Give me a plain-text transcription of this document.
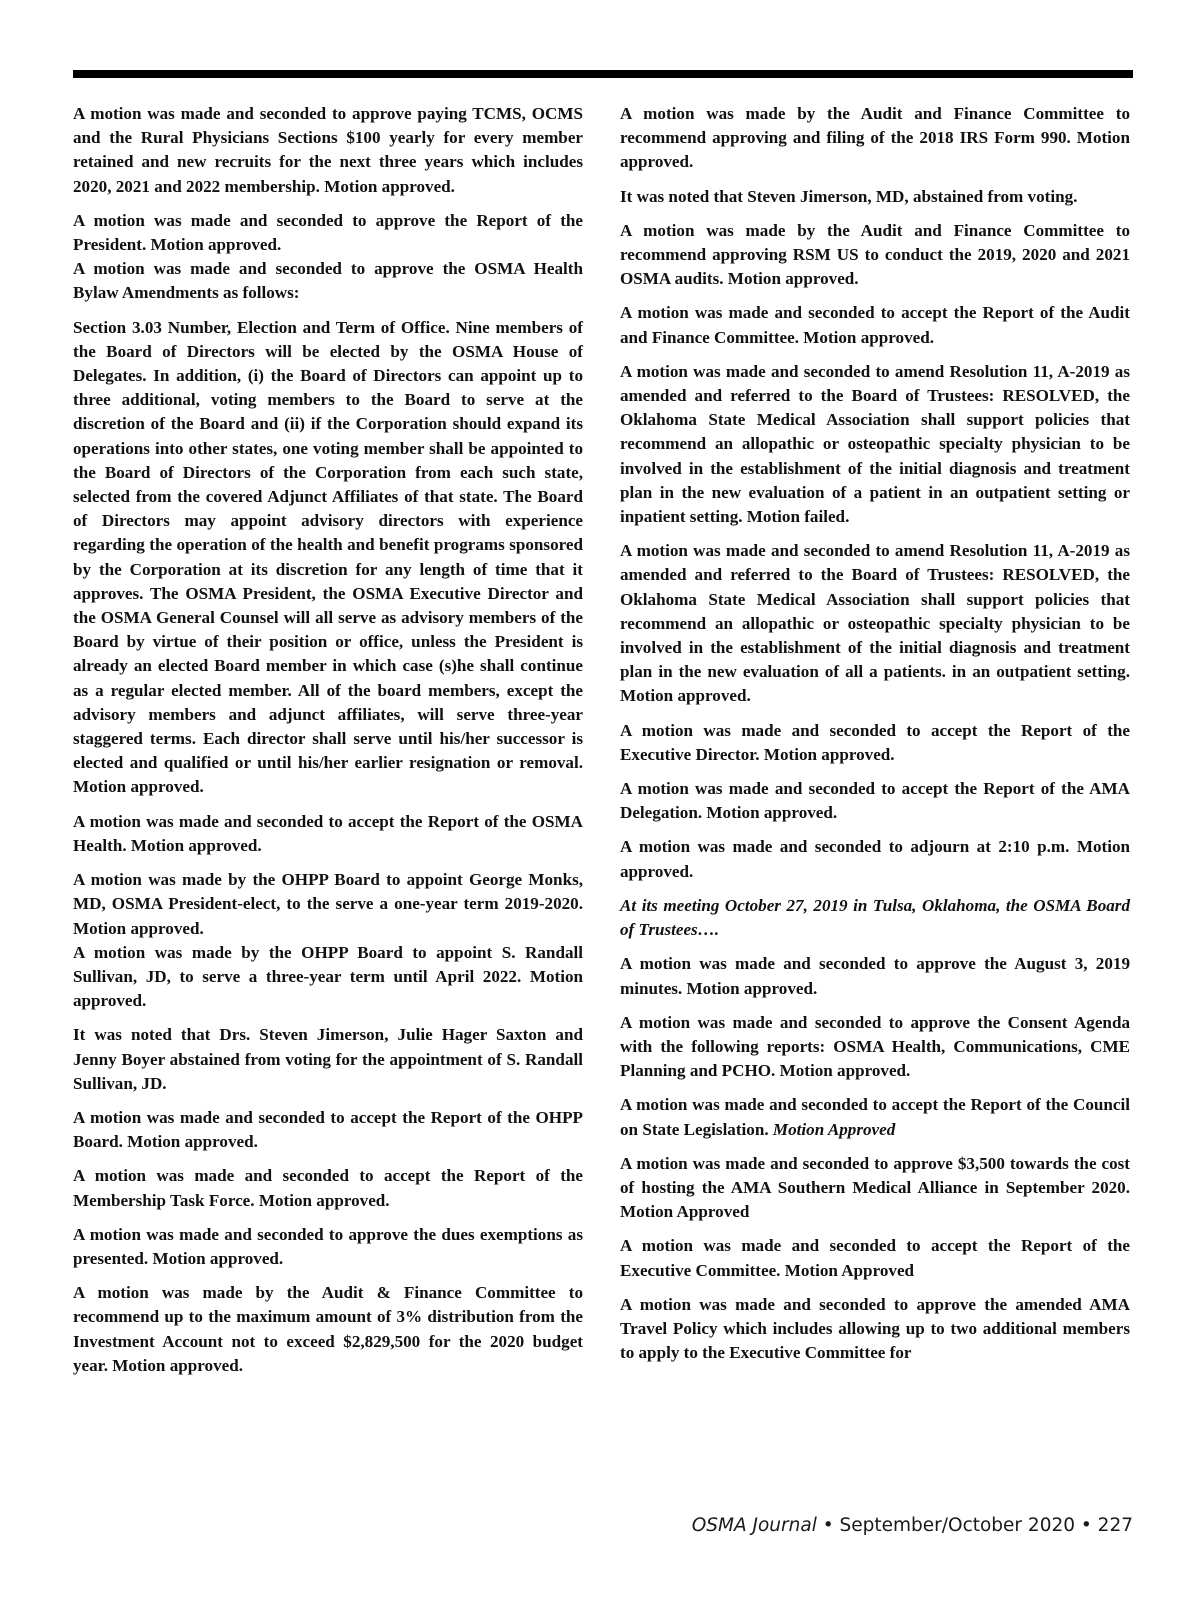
A motion was made and seconded to approve paying TCMS, OCMS and the Rural Physicians Sections $100 yearly for every member retained and new recruits for the next three years which includes 2020, 2021 and 2022 membership. Motion approved.

A motion was made and seconded to approve the Report of the President. Motion approved.

A motion was made and seconded to approve the OSMA Health Bylaw Amendments as follows:

Section 3.03 Number, Election and Term of Office. Nine members of the Board of Directors will be elected by the OSMA House of Delegates. In addition, (i) the Board of Directors can appoint up to three additional, voting members to the Board to serve at the discretion of the Board and (ii) if the Corporation should expand its operations into other states, one voting member shall be appointed to the Board of Directors of the Corporation from each such state, selected from the covered Adjunct Affiliates of that state. The Board of Directors may appoint advisory directors with experience regarding the operation of the health and benefit programs sponsored by the Corporation at its discretion for any length of time that it approves. The OSMA President, the OSMA Executive Director and the OSMA General Counsel will all serve as advisory members of the Board by virtue of their position or office, unless the President is already an elected Board member in which case (s)he shall continue as a regular elected member. All of the board members, except the advisory members and adjunct affiliates, will serve three-year staggered terms. Each director shall serve until his/her successor is elected and qualified or until his/her earlier resignation or removal. Motion approved.

A motion was made and seconded to accept the Report of the OSMA Health. Motion approved.

A motion was made by the OHPP Board to appoint George Monks, MD, OSMA President-elect, to the serve a one-year term 2019-2020. Motion approved.

A motion was made by the OHPP Board to appoint S. Randall Sullivan, JD, to serve a three-year term until April 2022. Motion approved.

It was noted that Drs. Steven Jimerson, Julie Hager Saxton and Jenny Boyer abstained from voting for the appointment of S. Randall Sullivan, JD.

A motion was made and seconded to accept the Report of the OHPP Board. Motion approved.

A motion was made and seconded to accept the Report of the Membership Task Force. Motion approved.

A motion was made and seconded to approve the dues exemptions as presented. Motion approved.

A motion was made by the Audit & Finance Committee to recommend up to the maximum amount of 3% distribution from the Investment Account not to exceed $2,829,500 for the 2020 budget year. Motion approved.

A motion was made by the Audit and Finance Committee to recommend approving and filing of the 2018 IRS Form 990. Motion approved.

It was noted that Steven Jimerson, MD, abstained from voting.

A motion was made by the Audit and Finance Committee to recommend approving RSM US to conduct the 2019, 2020 and 2021 OSMA audits. Motion approved.

A motion was made and seconded to accept the Report of the Audit and Finance Committee. Motion approved.

A motion was made and seconded to amend Resolution 11, A-2019 as amended and referred to the Board of Trustees: RESOLVED, the Oklahoma State Medical Association shall support policies that recommend an allopathic or osteopathic specialty physician to be involved in the establishment of the initial diagnosis and treatment plan in the new evaluation of a patient in an outpatient setting or inpatient setting. Motion failed.

A motion was made and seconded to amend Resolution 11, A-2019 as amended and referred to the Board of Trustees: RESOLVED, the Oklahoma State Medical Association shall support policies that recommend an allopathic or osteopathic specialty physician to be involved in the establishment of the initial diagnosis and treatment plan in the new evaluation of all a patients. in an outpatient setting. Motion approved.

A motion was made and seconded to accept the Report of the Executive Director. Motion approved.

A motion was made and seconded to accept the Report of the AMA Delegation. Motion approved.

A motion was made and seconded to adjourn at 2:10 p.m. Motion approved.

At its meeting October 27, 2019 in Tulsa, Oklahoma, the OSMA Board of Trustees….

A motion was made and seconded to approve the August 3, 2019 minutes. Motion approved.

A motion was made and seconded to approve the Consent Agenda with the following reports: OSMA Health, Communications, CME Planning and PCHO. Motion approved.

A motion was made and seconded to accept the Report of the Council on State Legislation. Motion Approved

A motion was made and seconded to approve $3,500 towards the cost of hosting the AMA Southern Medical Alliance in September 2020. Motion Approved

A motion was made and seconded to accept the Report of the Executive Committee. Motion Approved

A motion was made and seconded to approve the amended AMA Travel Policy which includes allowing up to two additional members to apply to the Executive Committee for

OSMA Journal • September/October 2020 • 227
